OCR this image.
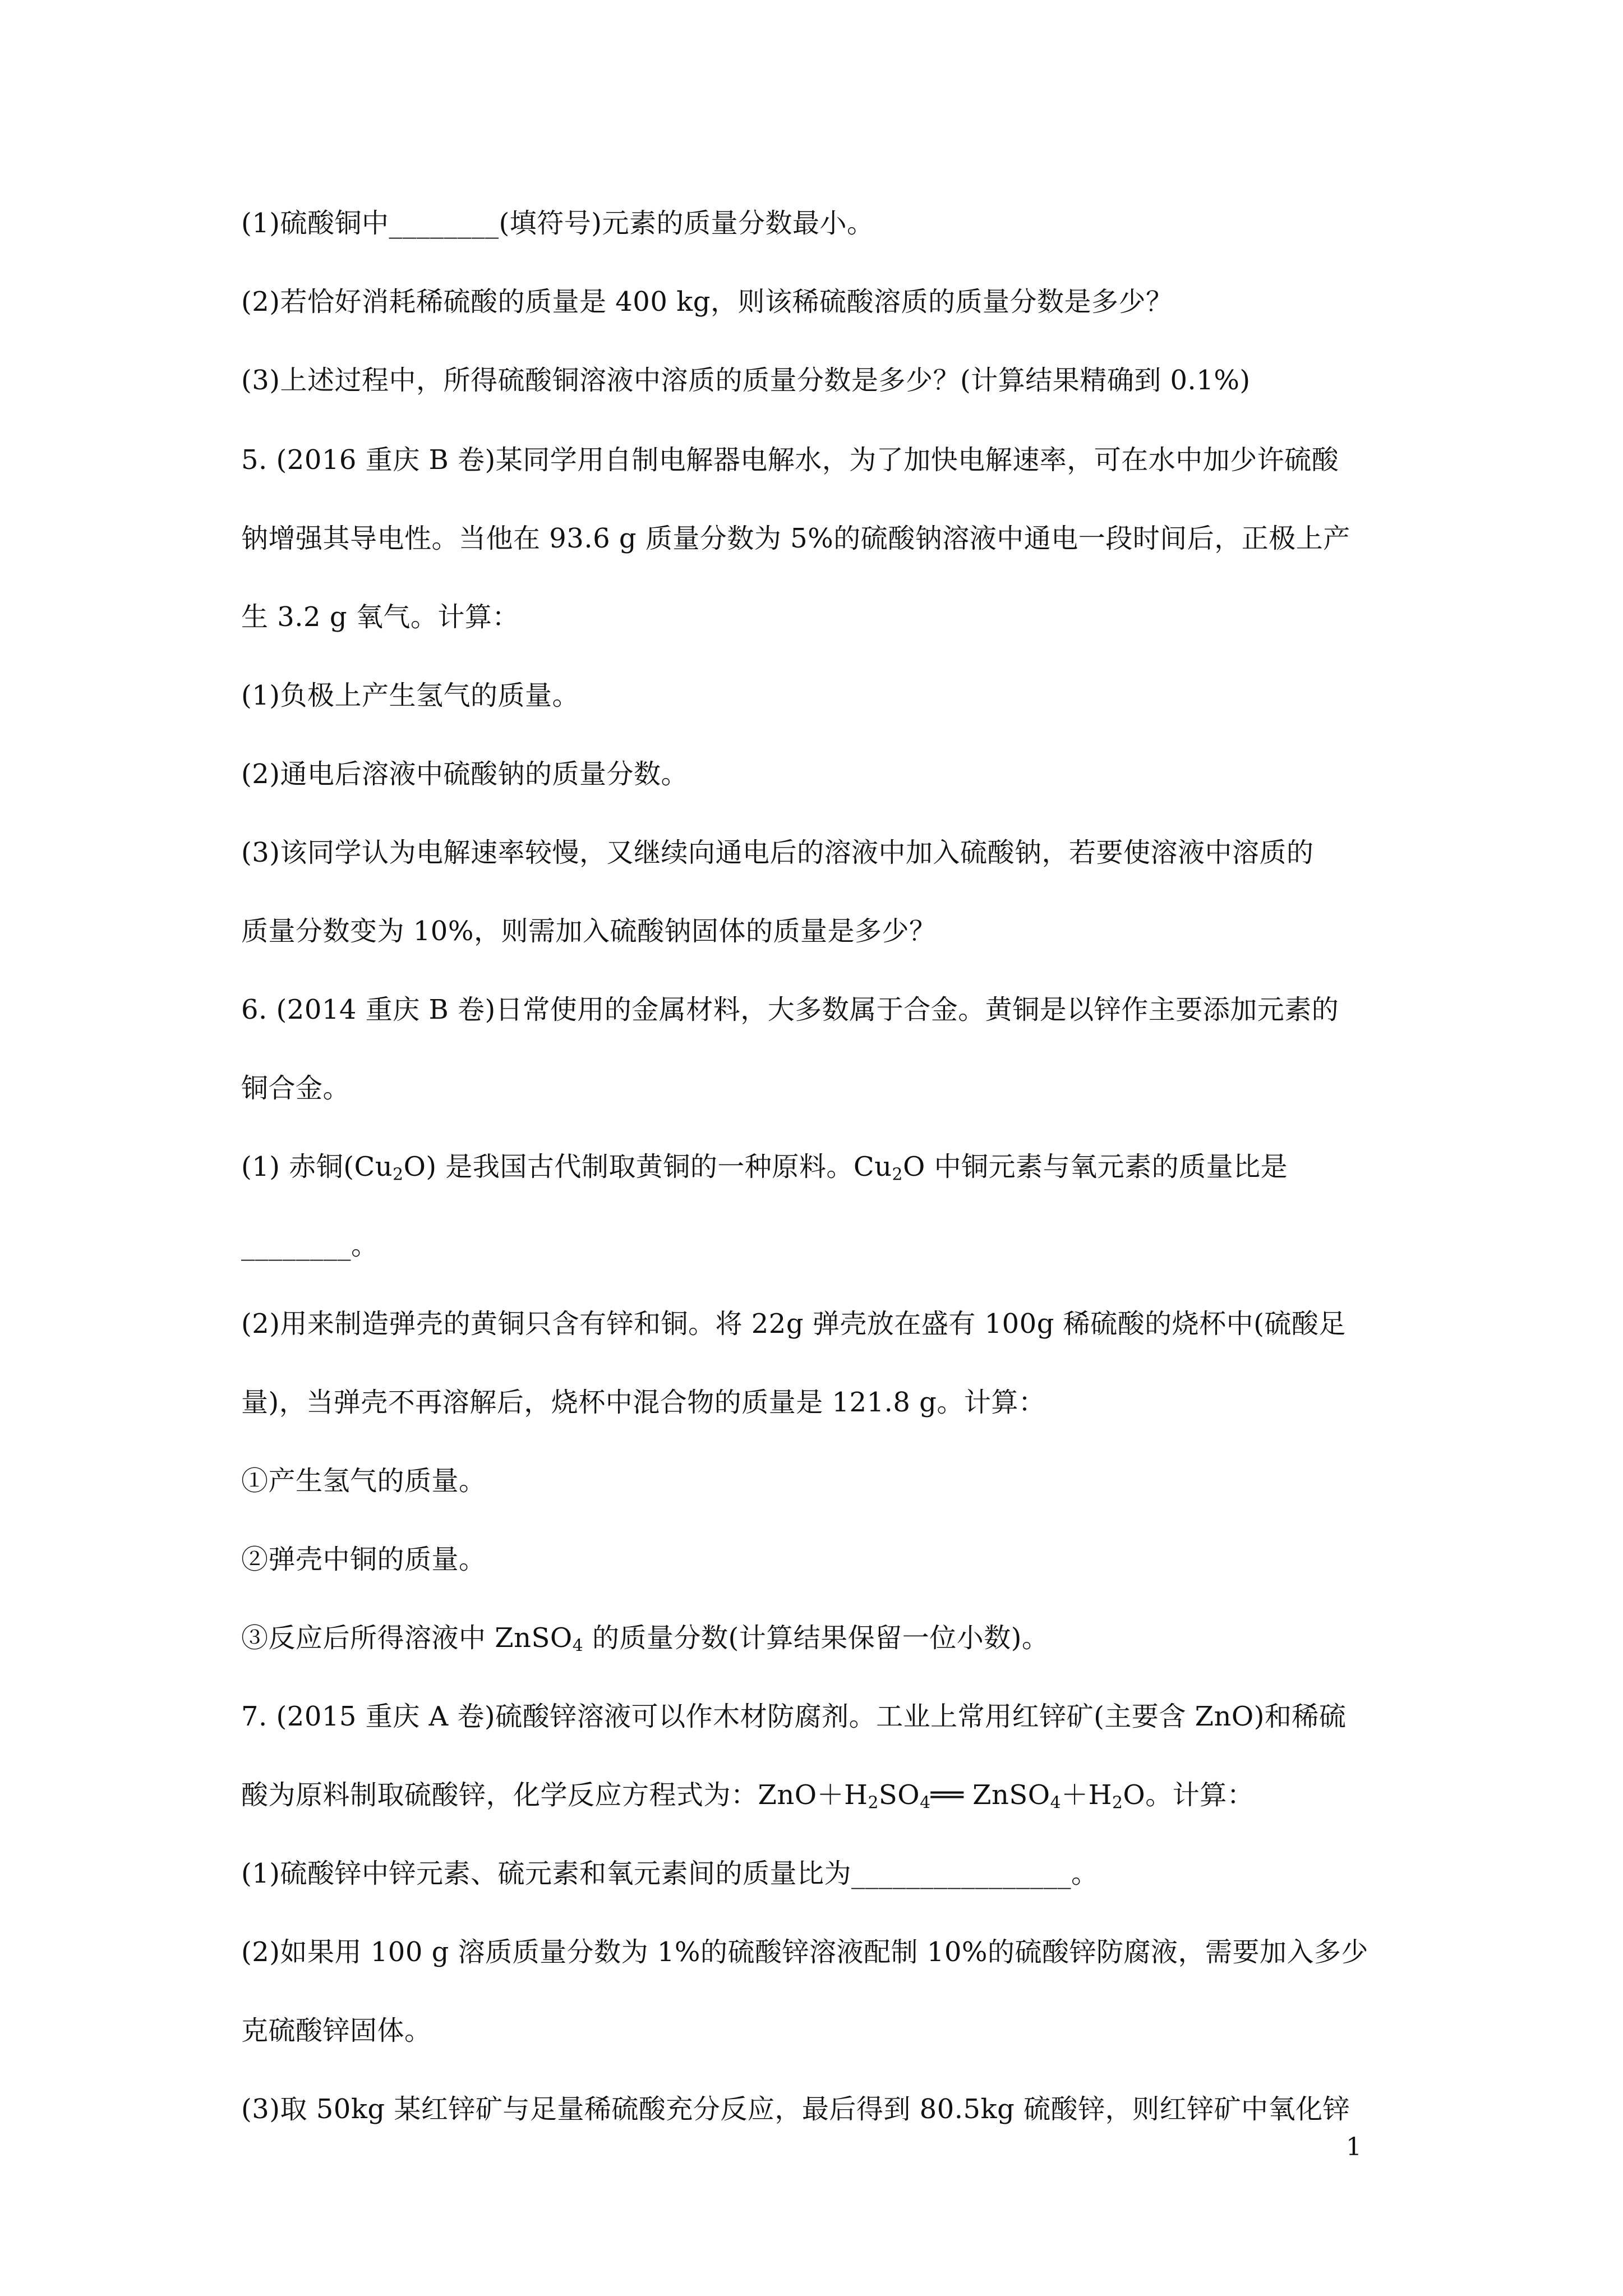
(1)硫酸铜中________(填符号)元素的质量分数最小。
(2)若恰好消耗稀硫酸的质量是 400 kg，则该稀硫酸溶质的质量分数是多少？
(3)上述过程中，所得硫酸铜溶液中溶质的质量分数是多少？(计算结果精确到 0.1%)
5. (2016 重庆 B 卷)某同学用自制电解器电解水，为了加快电解速率，可在水中加少许硫酸
钠增强其导电性。当他在 93.6 g 质量分数为 5%的硫酸钠溶液中通电一段时间后，正极上产
生 3.2 g 氧气。计算：
(1)负极上产生氢气的质量。
(2)通电后溶液中硫酸钠的质量分数。
(3)该同学认为电解速率较慢，又继续向通电后的溶液中加入硫酸钠，若要使溶液中溶质的
质量分数变为 10%，则需加入硫酸钠固体的质量是多少？
6. (2014 重庆 B 卷)日常使用的金属材料，大多数属于合金。黄铜是以锌作主要添加元素的
铜合金。
(1) 赤铜$(Cu_2O)$ 是我国古代制取黄铜的一种原料。$Cu_2O$ 中铜元素与氧元素的质量比是
________。
(2)用来制造弹壳的黄铜只含有锌和铜。将 22g 弹壳放在盛有 100g 稀硫酸的烧杯中(硫酸足
量)，当弹壳不再溶解后，烧杯中混合物的质量是 121.8 g。计算：
①产生氢气的质量。
②弹壳中铜的质量。
③反应后所得溶液中 ZnSO$_4$ 的质量分数(计算结果保留一位小数)。
7. (2015 重庆 A 卷)硫酸锌溶液可以作木材防腐剂。工业上常用红锌矿(主要含 ZnO)和稀硫
酸为原料制取硫酸锌，化学反应方程式为：$ZnO+H_2SO_4══$ $ZnSO_4+H_2O$。计算：
(1)硫酸锌中锌元素、硫元素和氧元素间的质量比为________________。
(2)如果用 100 g 溶质质量分数为 1%的硫酸锌溶液配制 10%的硫酸锌防腐液，需要加入多少
克硫酸锌固体。
(3)取 50kg 某红锌矿与足量稀硫酸充分反应，最后得到 80.5kg 硫酸锌，则红锌矿中氧化锌
1
